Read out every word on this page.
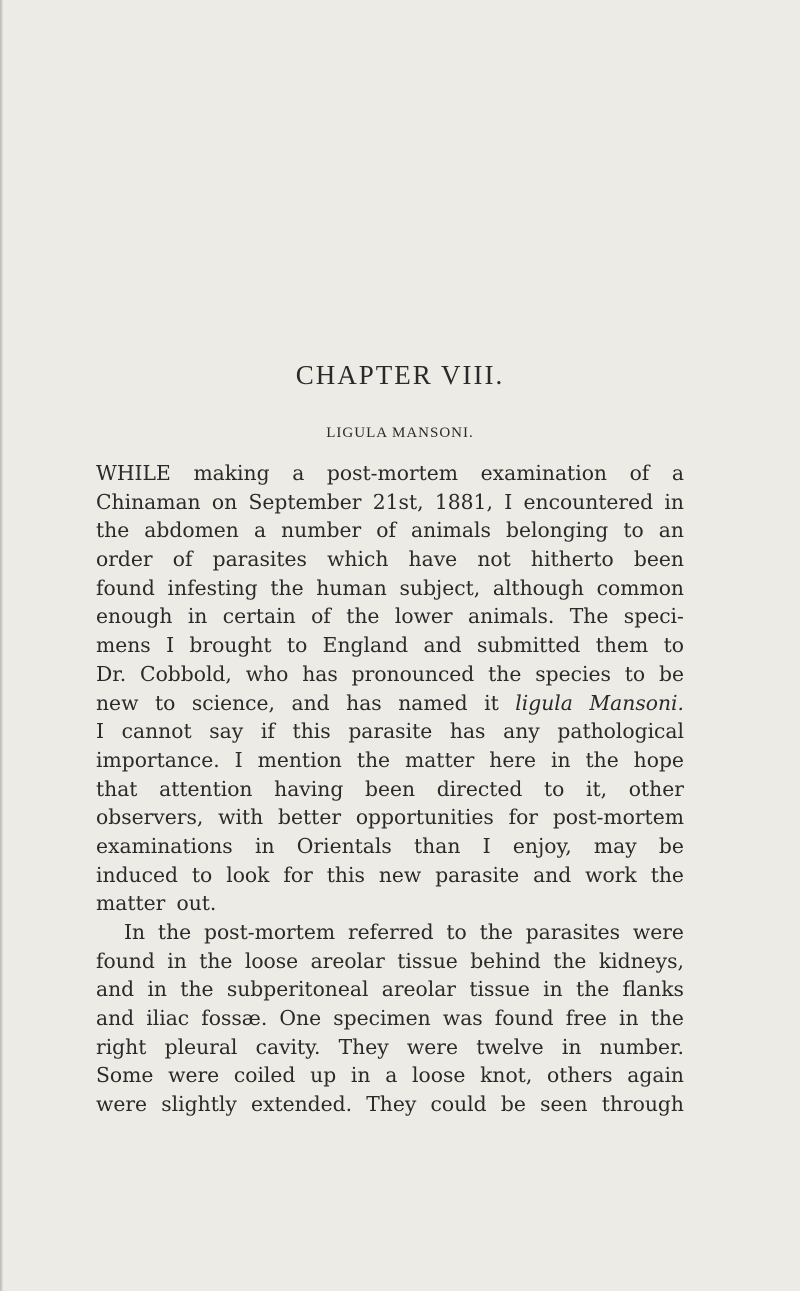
CHAPTER VIII.
LIGULA MANSONI.
WHILE making a post-mortem examination of a
Chinaman on September 21st, 1881, I encountered in
the abdomen a number of animals belonging to an
order of parasites which have not hitherto been
found infesting the human subject, although common
enough in certain of the lower animals. The speci-
mens I brought to England and submitted them to
Dr. Cobbold, who has pronounced the species to be
new to science, and has named it ligula Mansoni.
I cannot say if this parasite has any pathological
importance. I mention the matter here in the hope
that attention having been directed to it, other
observers, with better opportunities for post-mortem
examinations in Orientals than I enjoy, may be
induced to look for this new parasite and work the
matter out.
In the post-mortem referred to the parasites were
found in the loose areolar tissue behind the kidneys,
and in the subperitoneal areolar tissue in the flanks
and iliac fossæ. One specimen was found free in the
right pleural cavity. They were twelve in number.
Some were coiled up in a loose knot, others again
were slightly extended. They could be seen through
